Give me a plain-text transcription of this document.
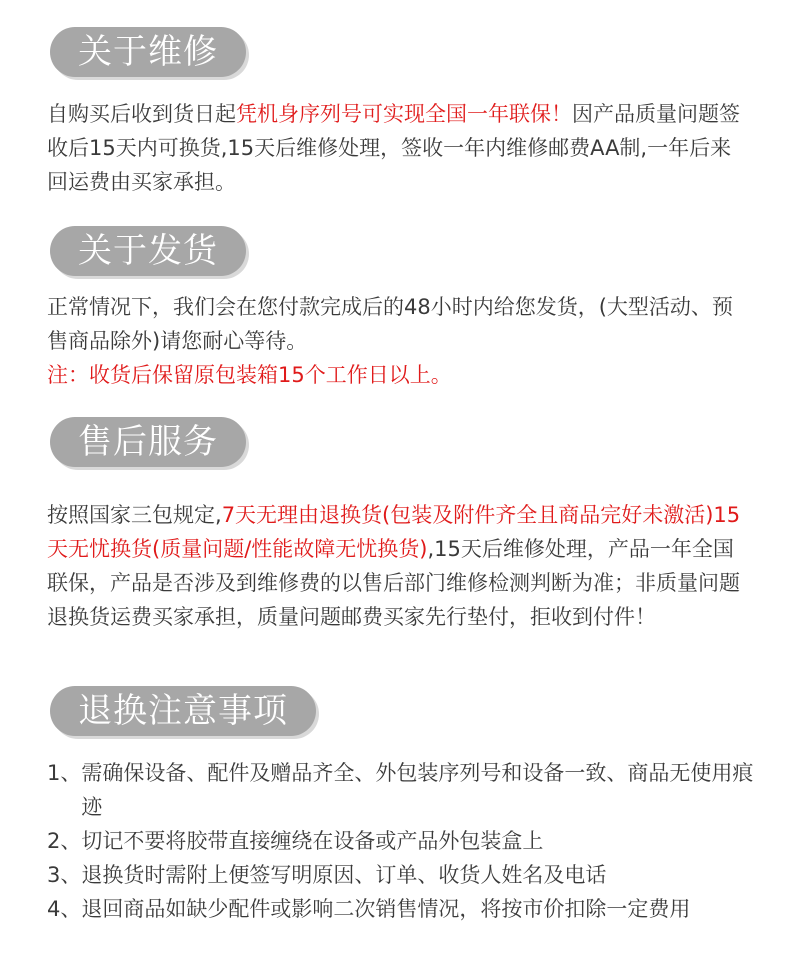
关于维修

自购买后收到货日起凭机身序列号可实现全国一年联保！因产品质量问题签收后15天内可换货,15天后维修处理，签收一年内维修邮费AA制,一年后来回运费由买家承担。

关于发货

正常情况下，我们会在您付款完成后的48小时内给您发货，(大型活动、预售商品除外)请您耐心等待。
注：收货后保留原包装箱15个工作日以上。

售后服务

按照国家三包规定,7天无理由退换货(包装及附件齐全且商品完好未激活)15天无忧换货(质量问题/性能故障无忧换货),15天后维修处理，产品一年全国联保，产品是否涉及到维修费的以售后部门维修检测判断为准；非质量问题退换货运费买家承担，质量问题邮费买家先行垫付，拒收到付件！

退换注意事项
1、 需确保设备、配件及赠品齐全、外包装序列号和设备一致、商品无使用痕迹
2、 切记不要将胶带直接缠绕在设备或产品外包装盒上
3、 退换货时需附上便签写明原因、订单、收货人姓名及电话
4、 退回商品如缺少配件或影响二次销售情况，将按市价扣除一定费用
